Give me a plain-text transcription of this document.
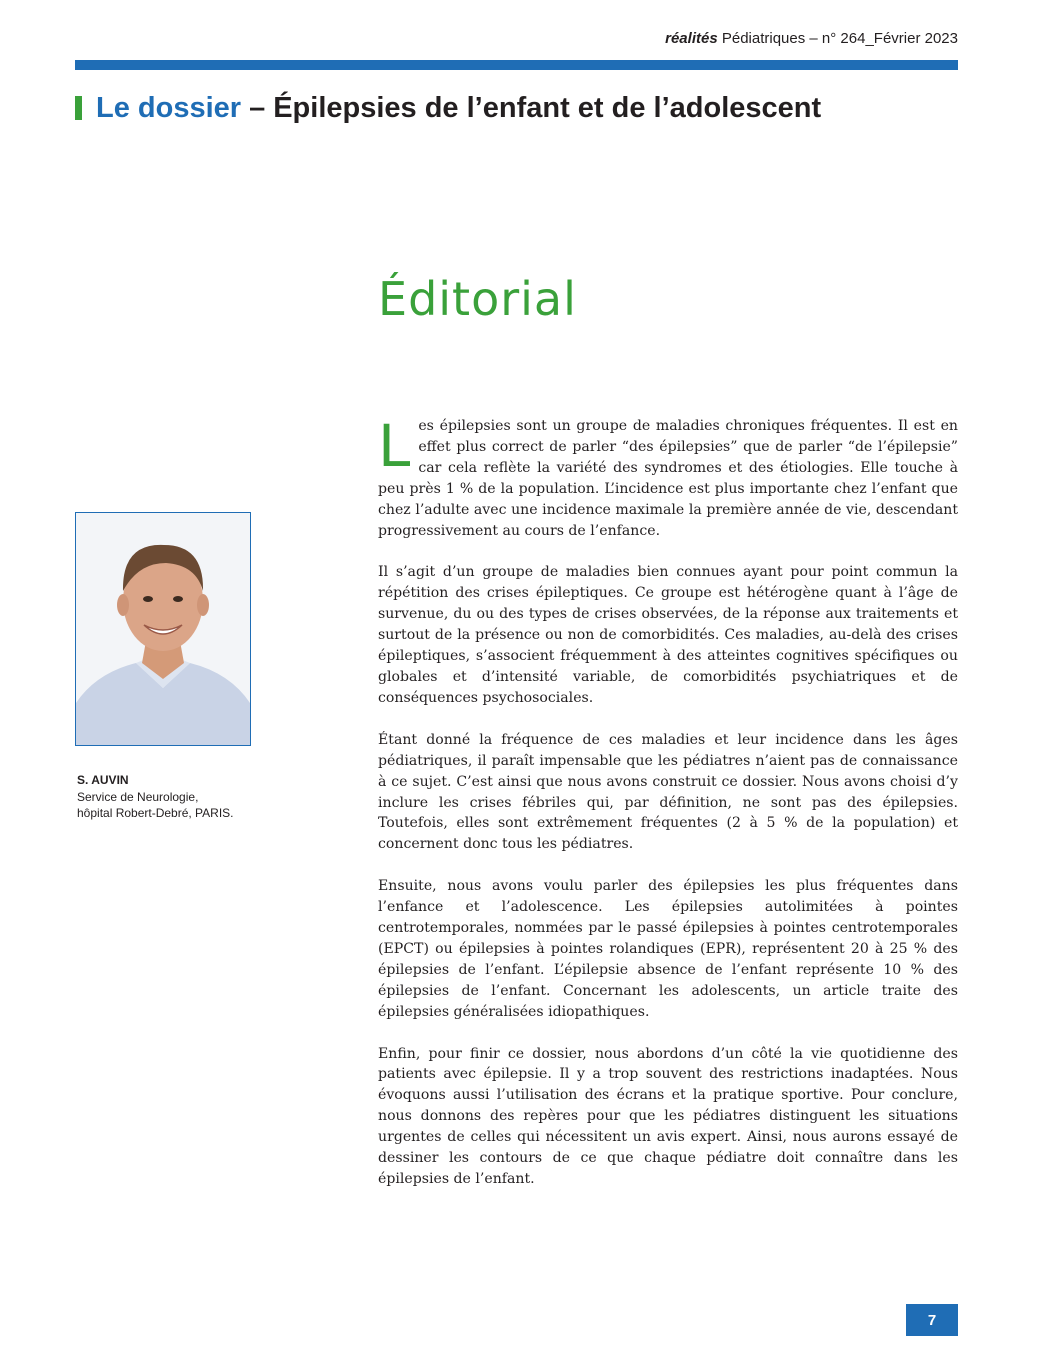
réalités Pédiatriques – n° 264_Février 2023
Le dossier – Épilepsies de l’enfant et de l’adolescent
Éditorial
S. AUVIN
Service de Neurologie,
hôpital Robert-Debré, PARIS.

Les épilepsies sont un groupe de maladies chroniques fréquentes. Il est en effet plus correct de parler “des épilepsies” que de parler “de l’épilepsie” car cela reflète la variété des syndromes et des étiologies. Elle touche à peu près 1 % de la population. L’incidence est plus importante chez l’enfant que chez l’adulte avec une incidence maximale la première année de vie, descendant progressivement au cours de l’enfance.

Il s’agit d’un groupe de maladies bien connues ayant pour point commun la répétition des crises épileptiques. Ce groupe est hétérogène quant à l’âge de survenue, du ou des types de crises observées, de la réponse aux traitements et surtout de la présence ou non de comorbidités. Ces maladies, au-delà des crises épileptiques, s’associent fréquemment à des atteintes cognitives spécifiques ou globales et d’intensité variable, de comorbidités psychiatriques et de conséquences psychosociales.

Étant donné la fréquence de ces maladies et leur incidence dans les âges pédiatriques, il paraît impensable que les pédiatres n’aient pas de connaissance à ce sujet. C’est ainsi que nous avons construit ce dossier. Nous avons choisi d’y inclure les crises fébriles qui, par définition, ne sont pas des épilepsies. Toutefois, elles sont extrêmement fréquentes (2 à 5 % de la population) et concernent donc tous les pédiatres.

Ensuite, nous avons voulu parler des épilepsies les plus fréquentes dans l’enfance et l’adolescence. Les épilepsies autolimitées à pointes centrotemporales, nommées par le passé épilepsies à pointes centrotemporales (EPCT) ou épilepsies à pointes rolandiques (EPR), représentent 20 à 25 % des épilepsies de l’enfant. L’épilepsie absence de l’enfant représente 10 % des épilepsies de l’enfant. Concernant les adolescents, un article traite des épilepsies généralisées idiopathiques.

Enfin, pour finir ce dossier, nous abordons d’un côté la vie quotidienne des patients avec épilepsie. Il y a trop souvent des restrictions inadaptées. Nous évoquons aussi l’utilisation des écrans et la pratique sportive. Pour conclure, nous donnons des repères pour que les pédiatres distinguent les situations urgentes de celles qui nécessitent un avis expert. Ainsi, nous aurons essayé de dessiner les contours de ce que chaque pédiatre doit connaître dans les épilepsies de l’enfant.

7
